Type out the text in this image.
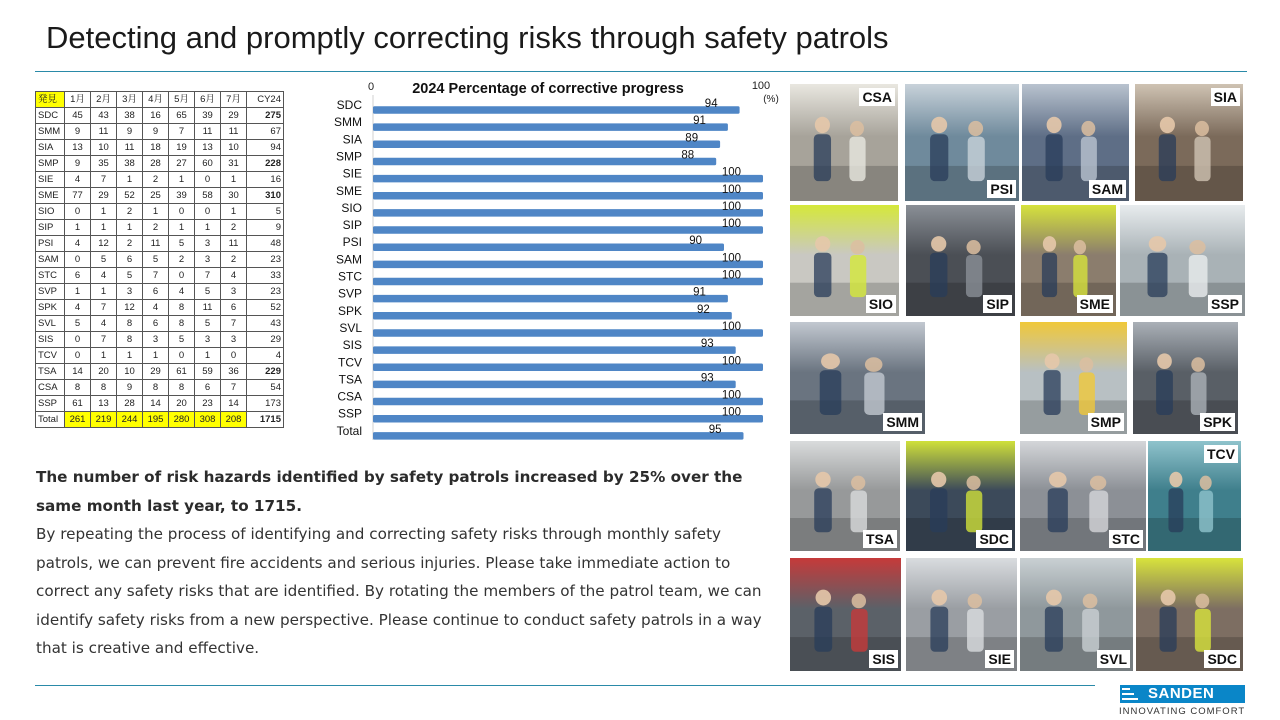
Detecting and promptly correcting risks through safety patrols
発見	1月	2月	3月	4月	5月	6月	7月	CY24
SDC	45	43	38	16	65	39	29	275
SMM	9	11	9	9	7	11	11	67
SIA	13	10	11	18	19	13	10	94
SMP	9	35	38	28	27	60	31	228
SIE	4	7	1	2	1	0	1	16
SME	77	29	52	25	39	58	30	310
SIO	0	1	2	1	0	0	1	5
SIP	1	1	1	2	1	1	2	9
PSI	4	12	2	11	5	3	11	48
SAM	0	5	6	5	2	3	2	23
STC	6	4	5	7	0	7	4	33
SVP	1	1	3	6	4	5	3	23
SPK	4	7	12	4	8	11	6	52
SVL	5	4	8	6	8	5	7	43
SIS	0	7	8	3	5	3	3	29
TCV	0	1	1	1	0	1	0	4
TSA	14	20	10	29	61	59	36	229
CSA	8	8	9	8	8	6	7	54
SSP	61	13	28	14	20	23	14	173
Total	261	219	244	195	280	308	208	1715
2024 Percentage of corrective progress
0	100
(%)
SDC	94
SMM	91
SIA	89
SMP	88
SIE	100
SME	100
SIO	100
SIP	100
PSI	90
SAM	100
STC	100
SVP	91
SPK	92
SVL	100
SIS	93
TCV	100
TSA	93
CSA	100
SSP	100
Total	95
The number of risk hazards identified by safety patrols increased by 25% over the same month last year, to 1715.
By repeating the process of identifying and correcting safety risks through monthly safety patrols, we can prevent fire accidents and serious injuries. Please take immediate action to correct any safety risks that are identified. By rotating the members of the patrol team, we can identify safety risks from a new perspective. Please continue to conduct safety patrols in a way that is creative and effective.
CSA
PSI	SAM
SIA
SIO	SIP	SME	SSP
SMM	SMP	SPK
TSA	SDC	STC
TCV
SIS	SIE	SVL	SDC
SANDEN
INNOVATING COMFORT
